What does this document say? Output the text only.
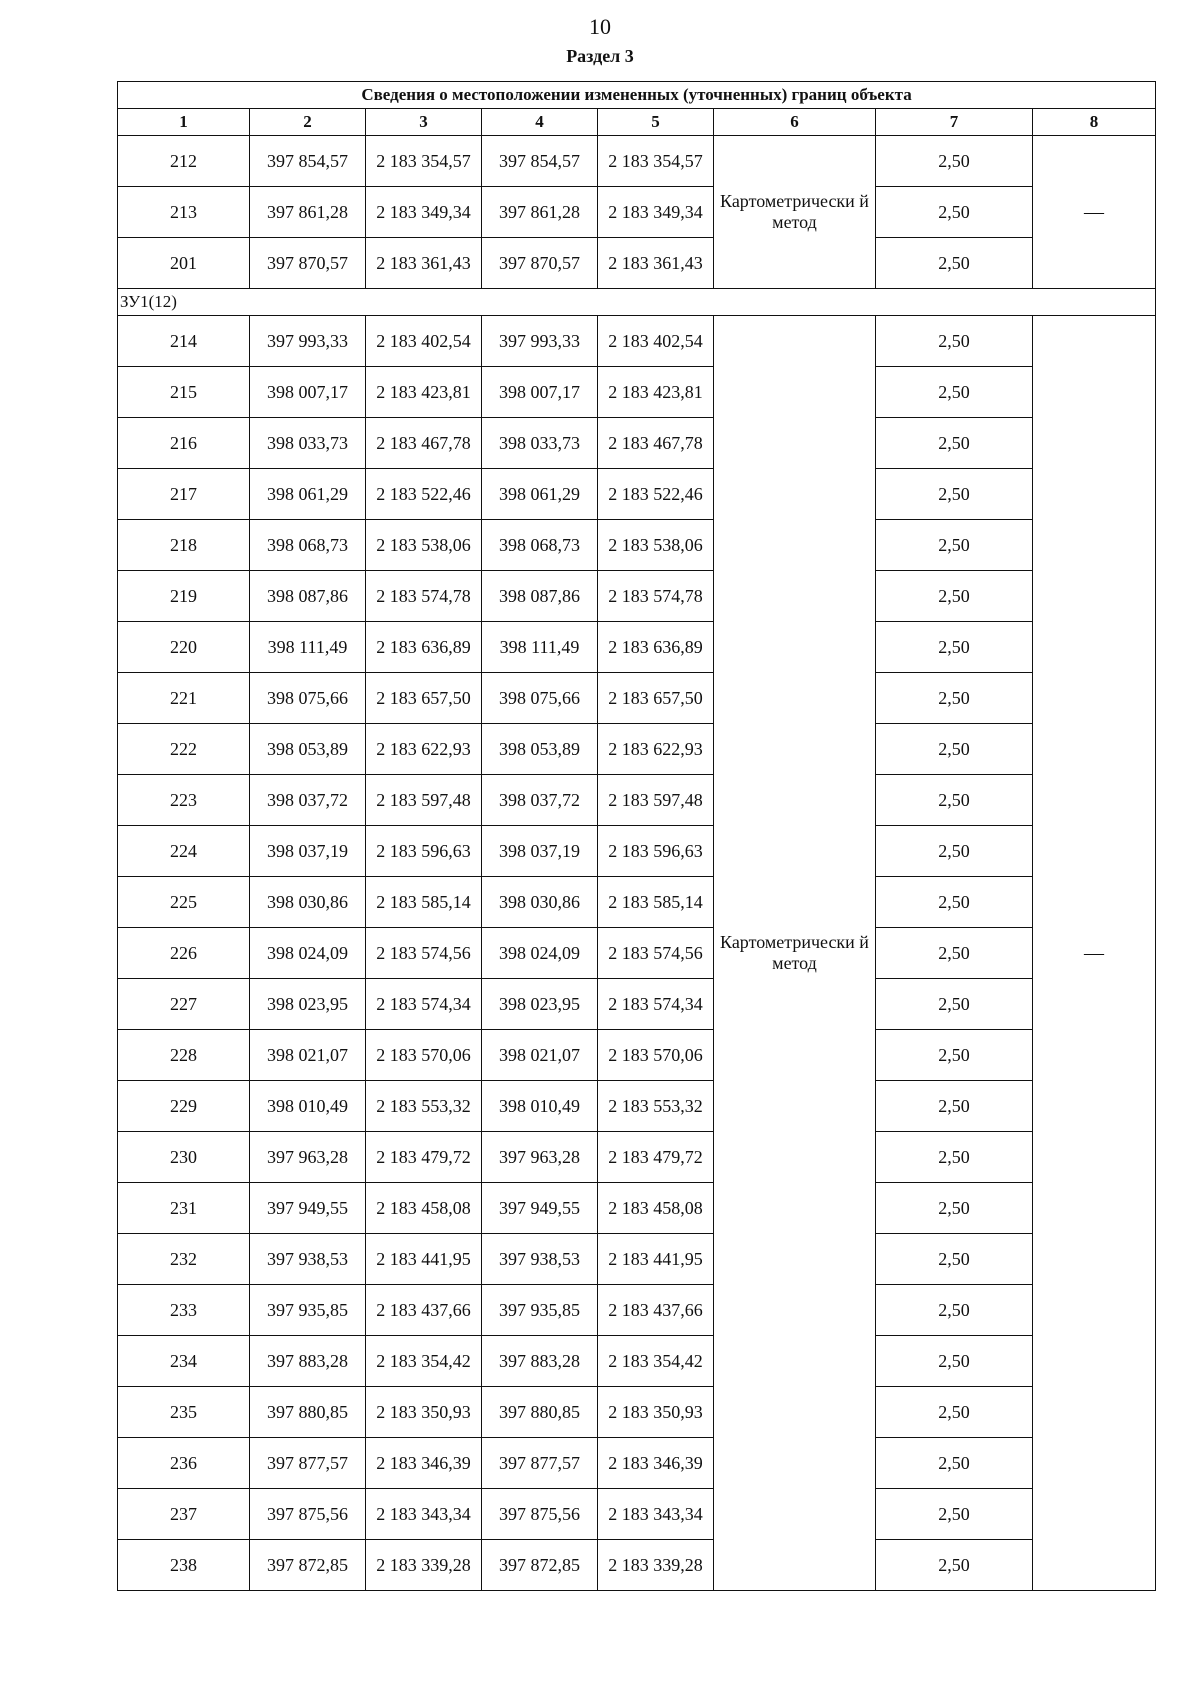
10
Раздел 3
Сведения о местоположении измененных (уточненных) границ объекта							
1	2	3	4	5	6	7	8
212	397 854,57	2 183 354,57	397 854,57	2 183 354,57	Картометрически й метод	2,50	—
213	397 861,28	2 183 349,34	397 861,28	2 183 349,34		2,50	
201	397 870,57	2 183 361,43	397 870,57	2 183 361,43		2,50	
ЗУ1(12)							
214	397 993,33	2 183 402,54	397 993,33	2 183 402,54	Картометрически й метод	2,50	—
215	398 007,17	2 183 423,81	398 007,17	2 183 423,81		2,50	
216	398 033,73	2 183 467,78	398 033,73	2 183 467,78		2,50	
217	398 061,29	2 183 522,46	398 061,29	2 183 522,46		2,50	
218	398 068,73	2 183 538,06	398 068,73	2 183 538,06		2,50	
219	398 087,86	2 183 574,78	398 087,86	2 183 574,78		2,50	
220	398 111,49	2 183 636,89	398 111,49	2 183 636,89		2,50	
221	398 075,66	2 183 657,50	398 075,66	2 183 657,50		2,50	
222	398 053,89	2 183 622,93	398 053,89	2 183 622,93		2,50	
223	398 037,72	2 183 597,48	398 037,72	2 183 597,48		2,50	
224	398 037,19	2 183 596,63	398 037,19	2 183 596,63		2,50	
225	398 030,86	2 183 585,14	398 030,86	2 183 585,14		2,50	
226	398 024,09	2 183 574,56	398 024,09	2 183 574,56		2,50	
227	398 023,95	2 183 574,34	398 023,95	2 183 574,34		2,50	
228	398 021,07	2 183 570,06	398 021,07	2 183 570,06		2,50	
229	398 010,49	2 183 553,32	398 010,49	2 183 553,32		2,50	
230	397 963,28	2 183 479,72	397 963,28	2 183 479,72		2,50	
231	397 949,55	2 183 458,08	397 949,55	2 183 458,08		2,50	
232	397 938,53	2 183 441,95	397 938,53	2 183 441,95		2,50	
233	397 935,85	2 183 437,66	397 935,85	2 183 437,66		2,50	
234	397 883,28	2 183 354,42	397 883,28	2 183 354,42		2,50	
235	397 880,85	2 183 350,93	397 880,85	2 183 350,93		2,50	
236	397 877,57	2 183 346,39	397 877,57	2 183 346,39		2,50	
237	397 875,56	2 183 343,34	397 875,56	2 183 343,34		2,50	
238	397 872,85	2 183 339,28	397 872,85	2 183 339,28		2,50	
